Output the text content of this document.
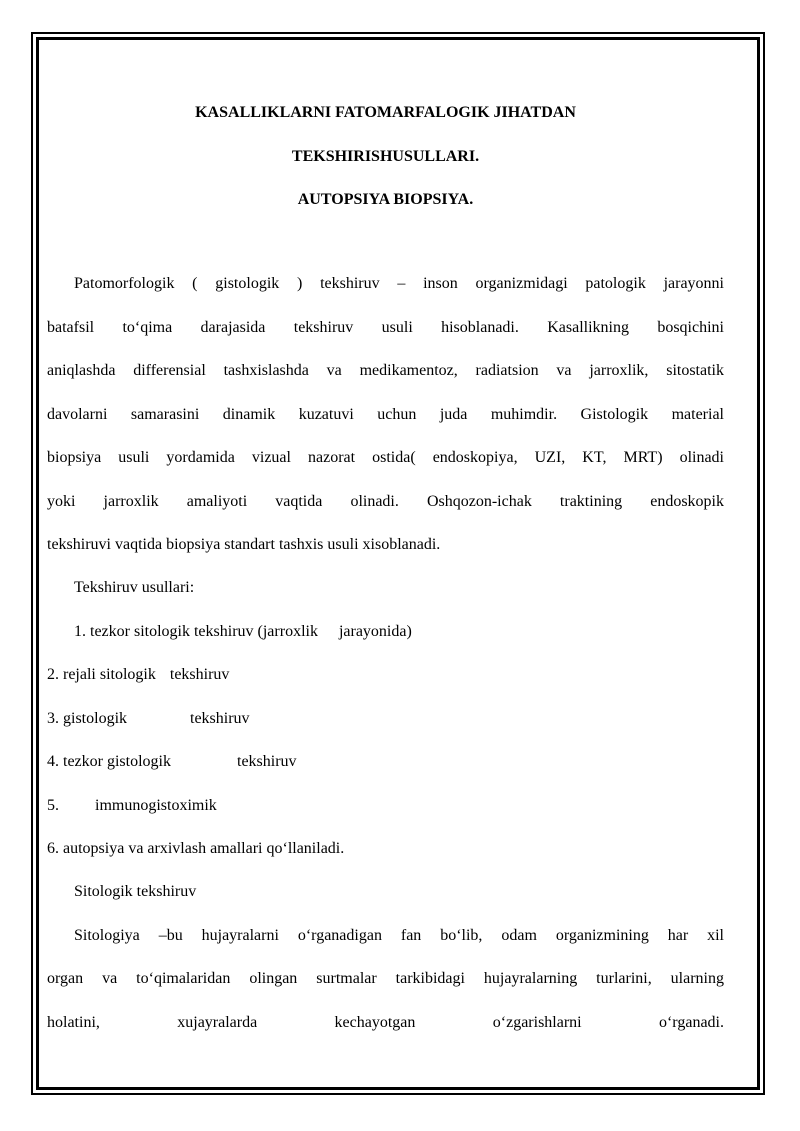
KASALLIKLARNI FATOMARFALOGIK JIHATDAN
TEKSHIRISHUSULLARI.
AUTOPSIYA BIOPSIYA.
Patomorfologik ( gistologik ) tekshiruv – inson organizmidagi patologik jarayonni
batafsil to‘qima darajasida tekshiruv usuli hisoblanadi. Kasallikning bosqichini
aniqlashda differensial tashxislashda va medikamentoz, radiatsion va jarroxlik, sitostatik
davolarni samarasini dinamik kuzatuvi uchun juda muhimdir. Gistologik material
biopsiya usuli yordamida vizual nazorat ostida( endoskopiya, UZI, KT, MRT) olinadi
yoki jarroxlik amaliyoti vaqtida olinadi. Oshqozon-ichak traktining endoskopik
tekshiruvi vaqtida biopsiya standart tashxis usuli xisoblanadi.
Tekshiruv usullari:
1. tezkor sitologik tekshiruv (jarroxlik jarayonida)
2. rejali sitologik tekshiruv
3. gistologik	tekshiruv
4. tezkor gistologik	tekshiruv
5. immunogistoximik
6. autopsiya va arxivlash amallari qo‘llaniladi.
Sitologik tekshiruv
Sitologiya –bu hujayralarni o‘rganadigan fan bo‘lib, odam organizmining har xil
organ va to‘qimalaridan olingan surtmalar tarkibidagi hujayralarning turlarini, ularning
holatini, xujayralarda kechayotgan o‘zgarishlarni o‘rganadi.
